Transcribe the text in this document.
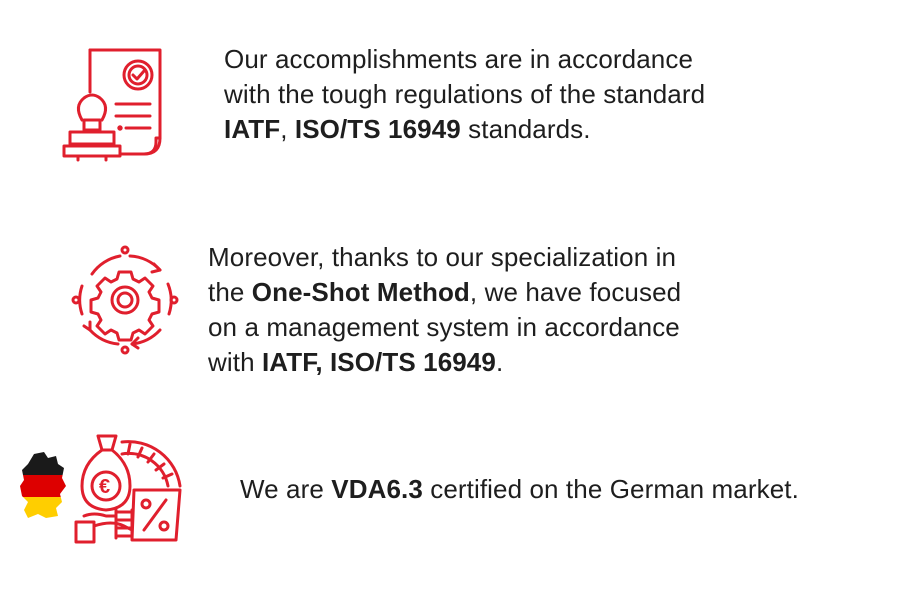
Our accomplishments are in accordance
with the tough regulations of the standard
IATF, ISO/TS 16949 standards.
Moreover, thanks to our specialization in
the One-Shot Method, we have focused
on a management system in accordance
with IATF, ISO/TS 16949.
€	We are VDA6.3 certified on the German market.
